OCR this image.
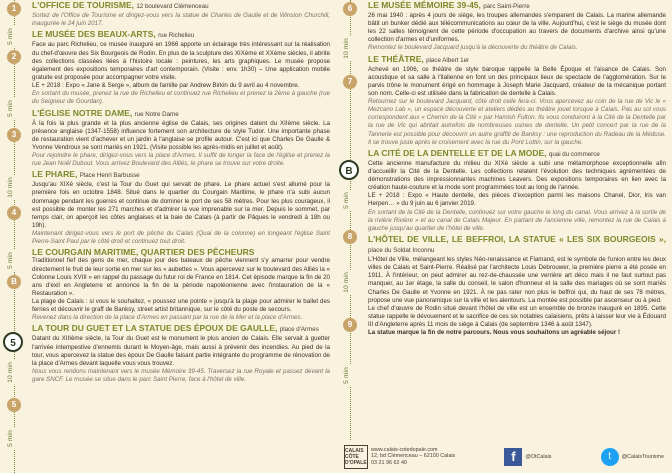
1
5 min
2
5 min
3
10 min
4
5 min
B
5
10 min
5
5 min
L'OFFICE DE TOURISME, 12 boulevard Clémenceau

Sortez de l'Office de Tourisme et dirigez-vous vers la statue de Charles de Gaulle et de Winston Churchill, inaugurée le 24 juin 2017.

LE MUSÉE DES BEAUX-ARTS, rue Richelieu

Face au parc Richelieu, ce musée inauguré en 1966 apporte un éclairage très intéressant sur la réalisation du chef-d'œuvre des Six Bourgeois de Rodin. En plus de la sculpture des XIXème et XXème siècles, il abrite des collections classées liées à l'histoire locale : peintures, les arts graphiques. Le musée propose également des expositions temporaires d'art contemporain. (Visite : env. 1h30) – Une application mobile gratuite est proposée pour accompagner votre visite.

LE + 2018 : Expo « Jane & Serge », album de famille par Andrew Birkin du 9 avril au 4 novembre.

En sortant du musée, prenez la rue de Richelieu et continuez rue Richelieu et prenez la 2ème à gauche (rue du Seigneur de Gourdan).

L'ÉGLISE NOTRE DAME, rue Notre Dame

À la fois la plus grande et la plus ancienne église de Calais, ses origines datent du XIIème siècle. La présence anglaise (1347-1558) influence fortement son architecture de style Tudor. Une importante phase de restauration vient d'achever et un jardin à l'anglaise se profile autour. C'est ici que Charles De Gaulle & Yvonne Vendroux se sont mariés en 1921. (Visite possible les après-midis en juillet et août).

Pour rejoindre le phare, dirigez-vous vers la place d'Armes. Il suffit de longer la face de l'église et prenez la rue Jean Noël Dubout. Vous arrivez Boulevard des Alliés, le phare se trouve sur votre droite.

LE PHARE, Place Henri Barbusse

Jusqu'au XIXè siècle, c'est la Tour du Guet qui servait de phare. Le phare actuel s'est allumé pour la première fois en octobre 1848. Situé dans le quartier du Courgain Maritime, le phare n'a subi aucun dommage pendant les guerres et continue de dominer le port de ses 58 mètres. Pour les plus courageux, il est possible de monter les 271 marches et d'admirer la vue imprenable sur la mer. Depuis le sommet, par temps clair, on aperçoit les côtes anglaises et la baie de Calais (à partir de Pâques le vendredi à 18h ou 19h).

Maintenant dirigez-vous vers le port de pêche du Calais (Quai de la colonne) en longeant l'église Saint Pierre-Saint Paul par le côté droit et continuez tout droit.

LE COURGAIN MARITIME, QUARTIER DES PÊCHEURS

Traditionnel fief des gens de mer, chaque jour des bateaux de pêche viennent s'y amarrer pour vendre directement le fruit de leur sortie en mer sur les « aubettes ». Vous apercevez sur le boulevard des Alliés la « Colonne Louis XVIII » en rappel du passage du futur roi de France en 1814. Cet épisode marque la fin de 20 ans d'exil en Angleterre et annonce la fin de la période napoléonienne avec l'instauration de la « Restauration ».

La plage de Calais : si vous le souhaitez, « poussez une pointe » jusqu'à la plage pour admirer le ballet des ferries et découvrir le graff de Banksy, street artist britannique, sur le côté du poste de secours.

Revenez dans la direction de la place d'Armes en passant par la rue de la Mer et la place d'Armes.

LA TOUR DU GUET ET LA STATUE DES ÉPOUX DE GAULLE, place d'Armes

Datant du XIIIème siècle, la Tour du Guet est le monument le plus ancien de Calais. Elle servait à guetter l'arrivée intempestive d'ennemis durant le Moyen-âge, mais aussi à prévenir des incendies. Au pied de la tour, vous apercevez la statue des époux De Gaulle faisant partie intégrante du programme de rénovation de la place d'Armes devant laquelle vous vous trouvez.

Nous vous rendons maintenant vers le musée Mémoire 39-45. Traversez la rue Royale et passez devant la gare SNCF. Le musée se situe dans le parc Saint Pierre, face à l'hôtel de ville.

6
10 min
7
B
5 min
8
10 min
9
5 min
LE MUSÉE MÉMOIRE 39-45, parc Saint-Pierre

26 mai 1940 : après 4 jours de siège, les troupes allemandes s'emparent de Calais. La marine allemande bâtit un bunker dédié aux télécommunications au cœur de la ville. Aujourd'hui, c'est le siège du musée dont les 22 salles témoignent de cette période d'occupation au travers de documents d'archive ainsi qu'une collection d'armes et d'uniformes.

Remontez le boulevard Jacquard jusqu'à la découverte du théâtre de Calais.

LE THÉÂTRE, place Albert 1er

Achevé en 1906, ce théâtre de style baroque rappelle la Belle Époque et l'aisance de Calais. Son acoustique et sa salle à l'italienne en font un des principaux lieux de spectacle de l'agglomération. Sur le parvis trône le monument érigé en hommage à Joseph Marie Jacquard, créateur de la mécanique portant son nom. Celle-ci est utilisée dans la fabrication de dentelle à Calais.

Retournez sur le boulevard Jacquard, côté droit celle fera-ci. Vous apercevez au coin de la rue de Vic le « Mezcano Lab », un espace découverte et ateliers dédiés au théâtre jouet lorsque à Calais. Pas au sol vous correspondent aux « Chemin de la Cité » par Hamish Fulton. Ils vous conduiront à la Cité de la Dentelle par la rue de Vic qui abritait autrefois de nombreuses usines de dentelle. Un petit concert par la rue de la Tannerie est possible pour découvrir un autre graffiti de Banksy : une reproduction du Radeau de la Méduse. Il se trouve juste après le croisement avec la rue du Pont Lottin, sur la gauche.

LA CITÉ DE LA DENTELLE ET DE LA MODE, quai du commerce

Cette ancienne manufacture du milieu du XIXè siècle a subi une métamorphose exceptionnelle afin d'accueillir la Cité de la Dentelle. Les collections relatent l'évolution des techniques agrémentées de démonstrations des impressionnantes machines Leavers. Des expositions temporaires en lien avec la création haute-couture et la mode sont programmées tout au long de l'année.

LE + 2018 : Expo « Haute dentelle, des pièces d'exception parmi les maisons Chanel, Dior, Iris van Herpen… » du 9 juin au 6 janvier 2019.

En sortant de la Cité de la Dentelle, continuez sur votre gauche le long du canal. Vous arrivez à la sortie de la rivière Rivière » et au canal de Calais Majeur. En partant de l'ancienne ville, remontez la rue de Calais à gauche jusqu'au quartier de l'hôtel de ville.

L'HÔTEL DE VILLE, LE BEFFROI, LA STATUE « LES SIX BOURGEOIS », place du Soldat Inconnu

L'Hôtel de Ville, mélangeant les styles Néo-renaissance et Flamand, est le symbole de l'union entre les deux villes de Calais et Saint-Pierre. Réalisé par l'architecte Louis Debrouwer, la première pierre a été posée en 1911. À l'intérieur, on peut admirer au rez-de-chaussée une verrière art déco mais il ne faut surtout pas manquer, au 1er étage, la salle du conseil, le salon d'honneur et la salle des mariages où se sont mariés Charles De Gaulle et Yvonne en 1921. À ne pas rater non plus le beffroi qui, du haut de ses 78 mètres, propose une vue panoramique sur la ville et les alentours. La montée est possible par ascenseur ou à pied.

Le chef d'œuvre de Rodin situé devant l'hôtel de ville est un ensemble de bronze inauguré en 1895. Cette statue rappelle le dévouement et le sacrifice de ces six notables calaisiens, prêts à laisser leur vie à Édouard III d'Angleterre après 11 mois de siège à Calais (de septembre 1346 à août 1347).

La statue marque la fin de notre parcours. Nous vous souhaitons un agréable séjour !

CALAIS CÔTE D'OPALE
www.calais-cotedopale.com
12, bd Clémenceau – 62100 Calais
03 21 96 62 40	f	@OtCalais	t	@CalaisTourisme
